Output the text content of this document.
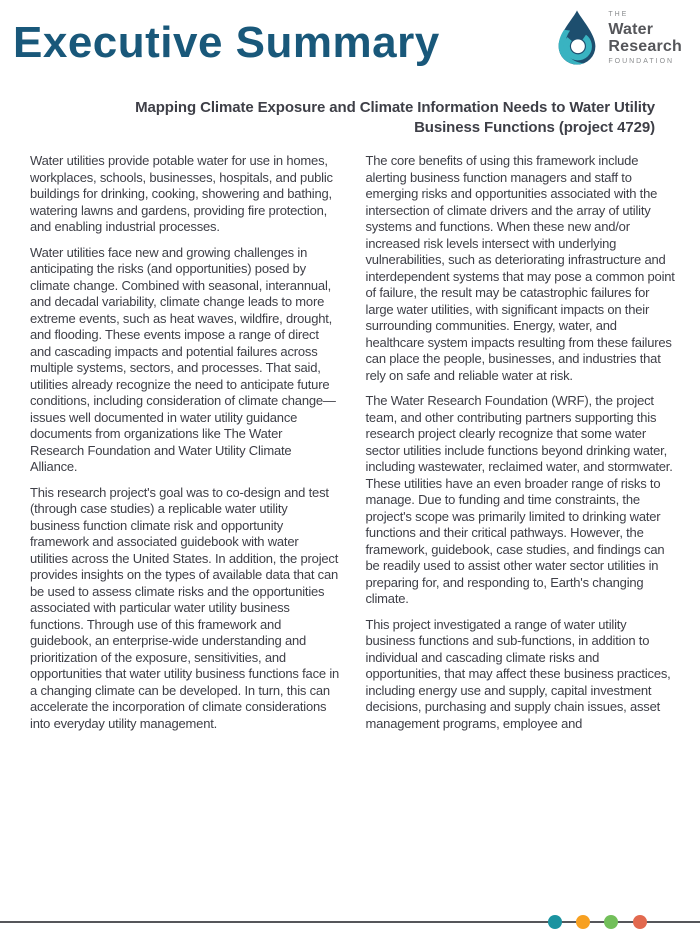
Executive Summary
THE
Water
Research
FOUNDATION
Mapping Climate Exposure and Climate Information Needs to Water Utility
Business Functions (project 4729)

Water utilities provide potable water for use in homes, workplaces, schools, businesses, hospitals, and public buildings for drinking, cooking, showering and bathing, watering lawns and gardens, providing fire protection, and enabling industrial processes.

Water utilities face new and growing challenges in anticipating the risks (and opportunities) posed by climate change. Combined with seasonal, interannual, and decadal variability, climate change leads to more extreme events, such as heat waves, wildfire, drought, and flooding. These events impose a range of direct and cascading impacts and potential failures across multiple systems, sectors, and processes. That said, utilities already recognize the need to anticipate future conditions, including consideration of climate change—issues well documented in water utility guidance documents from organizations like The Water Research Foundation and Water Utility Climate Alliance.

This research project's goal was to co-design and test (through case studies) a replicable water utility business function climate risk and opportunity framework and associated guidebook with water utilities across the United States. In addition, the project provides insights on the types of available data that can be used to assess climate risks and the opportunities associated with particular water utility business functions. Through use of this framework and guidebook, an enterprise-wide understanding and prioritization of the exposure, sensitivities, and opportunities that water utility business functions face in a changing climate can be developed. In turn, this can accelerate the incorporation of climate considerations into everyday utility management.

The core benefits of using this framework include alerting business function managers and staff to emerging risks and opportunities associated with the intersection of climate drivers and the array of utility systems and functions. When these new and/or increased risk levels intersect with underlying vulnerabilities, such as deteriorating infrastructure and interdependent systems that may pose a common point of failure, the result may be catastrophic failures for large water utilities, with significant impacts on their surrounding communities. Energy, water, and healthcare system impacts resulting from these failures can place the people, businesses, and industries that rely on safe and reliable water at risk.

The Water Research Foundation (WRF), the project team, and other contributing partners supporting this research project clearly recognize that some water sector utilities include functions beyond drinking water, including wastewater, reclaimed water, and stormwater. These utilities have an even broader range of risks to manage. Due to funding and time constraints, the project's scope was primarily limited to drinking water functions and their critical pathways. However, the framework, guidebook, case studies, and findings can be readily used to assist other water sector utilities in preparing for, and responding to, Earth's changing climate.

This project investigated a range of water utility business functions and sub-functions, in addition to individual and cascading climate risks and opportunities, that may affect these business practices, including energy use and supply, capital investment decisions, purchasing and supply chain issues, asset management programs, employee and
